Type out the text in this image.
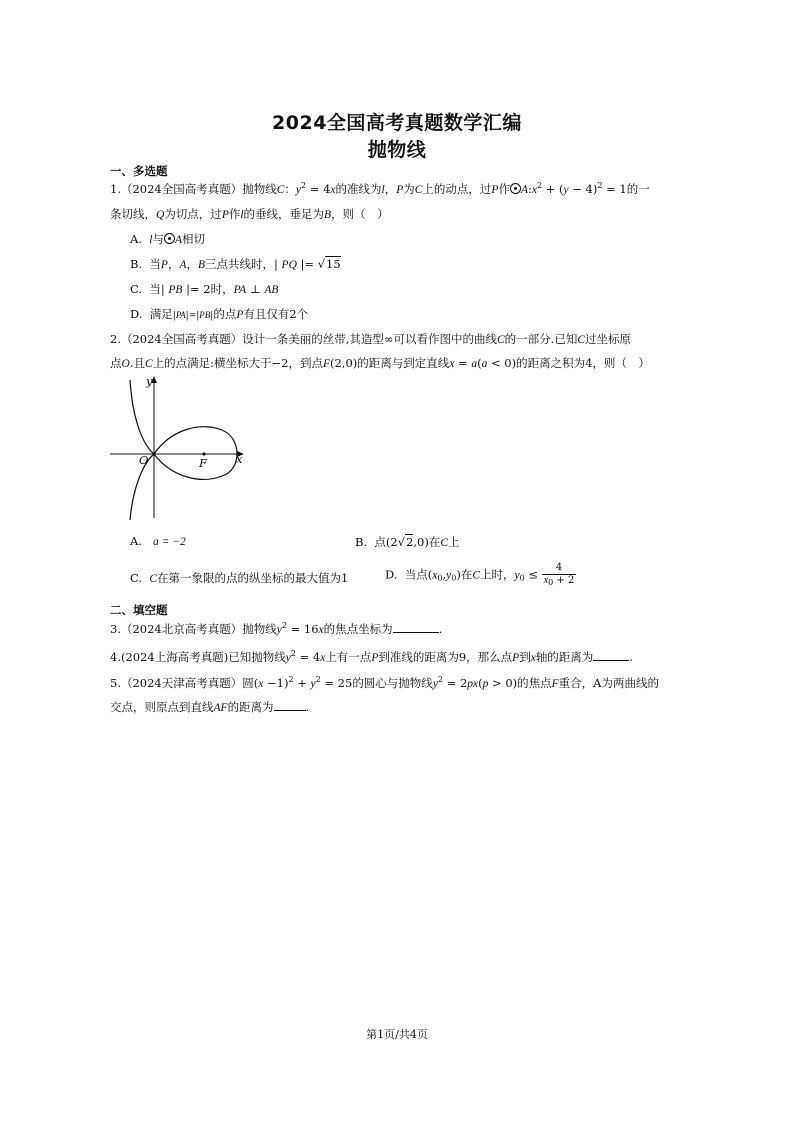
2024全国高考真题数学汇编
抛物线
一、多选题
1.（2024全国高考真题）抛物线C：$y^2 = 4x$的准线为l，P为C上的动点，过P作 $A:x^2 + (y - 4)^2 = 1$的一
条切线，Q为切点，过P作l的垂线，垂足为B，则（　）
A. l与 A相切
B. 当P，A，B三点共线时，| PQ |= √15
C. 当| PB |= 2时，PA ⊥ AB
D. 满足|PA|=|PB|的点P有且仅有2个
2.（2024全国高考真题）设计一条美丽的丝带,其造型∞可以看作图中的曲线C的一部分.已知C过坐标原
点O.且C上的点满足:横坐标大于−2，到点F(2,0)的距离与到定直线x = a(a < 0)的距离之积为4，则（　）
y
x
O	F
A. a = −2	B. 点(2√2,0)在C上
C. C在第一象限的点的纵坐标的最大值为1	D. 当点$(x_0,y_0)$在C上时，$y_0 \le \frac{4}{x_0 + 2}$
二、填空题
3.（2024北京高考真题）抛物线$y^2 = 16x$的焦点坐标为	.
4.(2024上海高考真题)已知抛物线$y^2 = 4x$上有一点P到准线的距离为9，那么点P到x轴的距离为	.
5.（2024天津高考真题）圆$(x -1)^2 + y^2 = 25$的圆心与抛物线$y^2 = 2px(p > 0)$的焦点F重合，A为两曲线的
交点，则原点到直线AF的距离为	.
第1页/共4页
